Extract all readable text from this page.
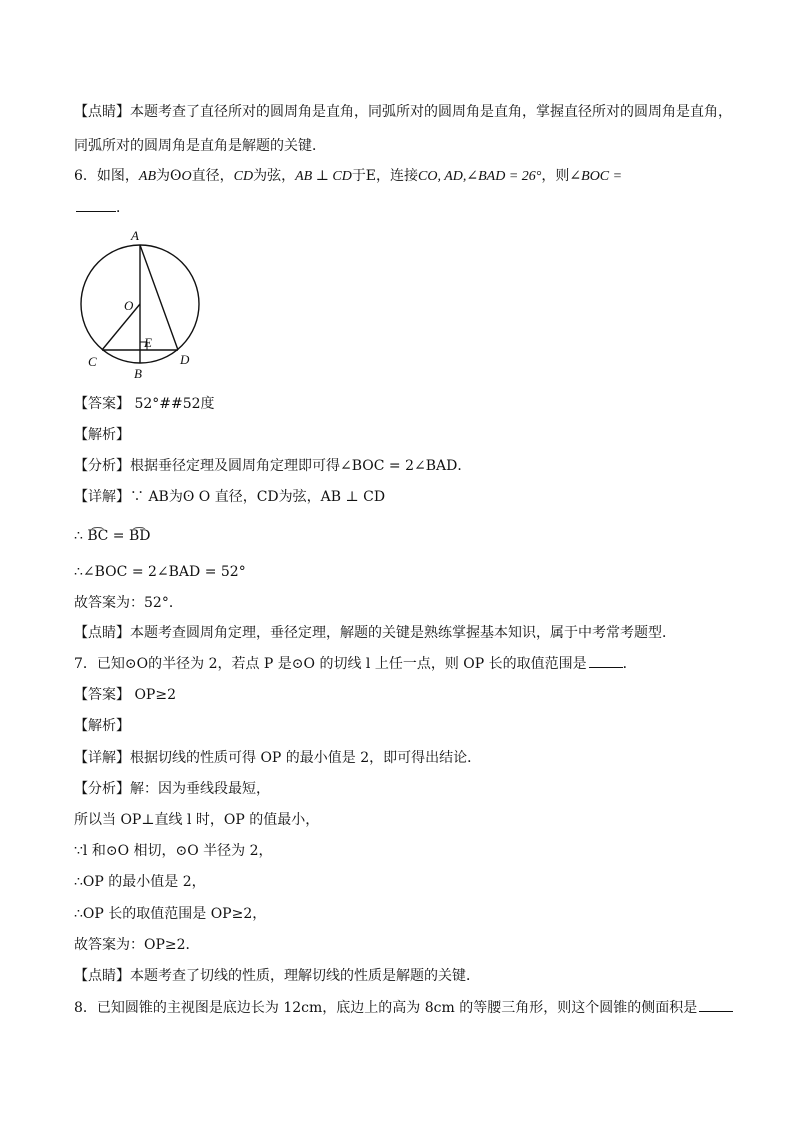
【点睛】本题考查了直径所对的圆周角是直角，同弧所对的圆周角是直角，掌握直径所对的圆周角是直角，
同弧所对的圆周角是直角是解题的关键．
6．如图，AB为ʘO直径，CD为弦，AB ⊥ CD于E，连接CO, AD,∠BAD = 26°，则∠BOC =
．
A
O
E
C	D
B
【答案】 52°##52度
【解析】
【分析】根据垂径定理及圆周角定理即可得∠BOC = 2∠BAD．
【详解】∵ AB为ʘ O 直径，CD为弦，AB ⊥ CD
∴ B͡C = B͡D
∴∠BOC = 2∠BAD = 52°
故答案为：52°．
【点睛】本题考查圆周角定理，垂径定理，解题的关键是熟练掌握基本知识，属于中考常考题型．
7．已知⊙O的半径为 2，若点 P 是⊙O 的切线 l 上任一点，则 OP 长的取值范围是	．
【答案】 OP≥2
【解析】
【详解】根据切线的性质可得 OP 的最小值是 2，即可得出结论．
【分析】解：因为垂线段最短，
所以当 OP⊥直线 l 时，OP 的值最小，
∵l 和⊙O 相切，⊙O 半径为 2，
∴OP 的最小值是 2，
∴OP 长的取值范围是 OP≥2，
故答案为：OP≥2．
【点睛】本题考查了切线的性质，理解切线的性质是解题的关键．
8．已知圆锥的主视图是底边长为 12cm，底边上的高为 8cm 的等腰三角形，则这个圆锥的侧面积是
